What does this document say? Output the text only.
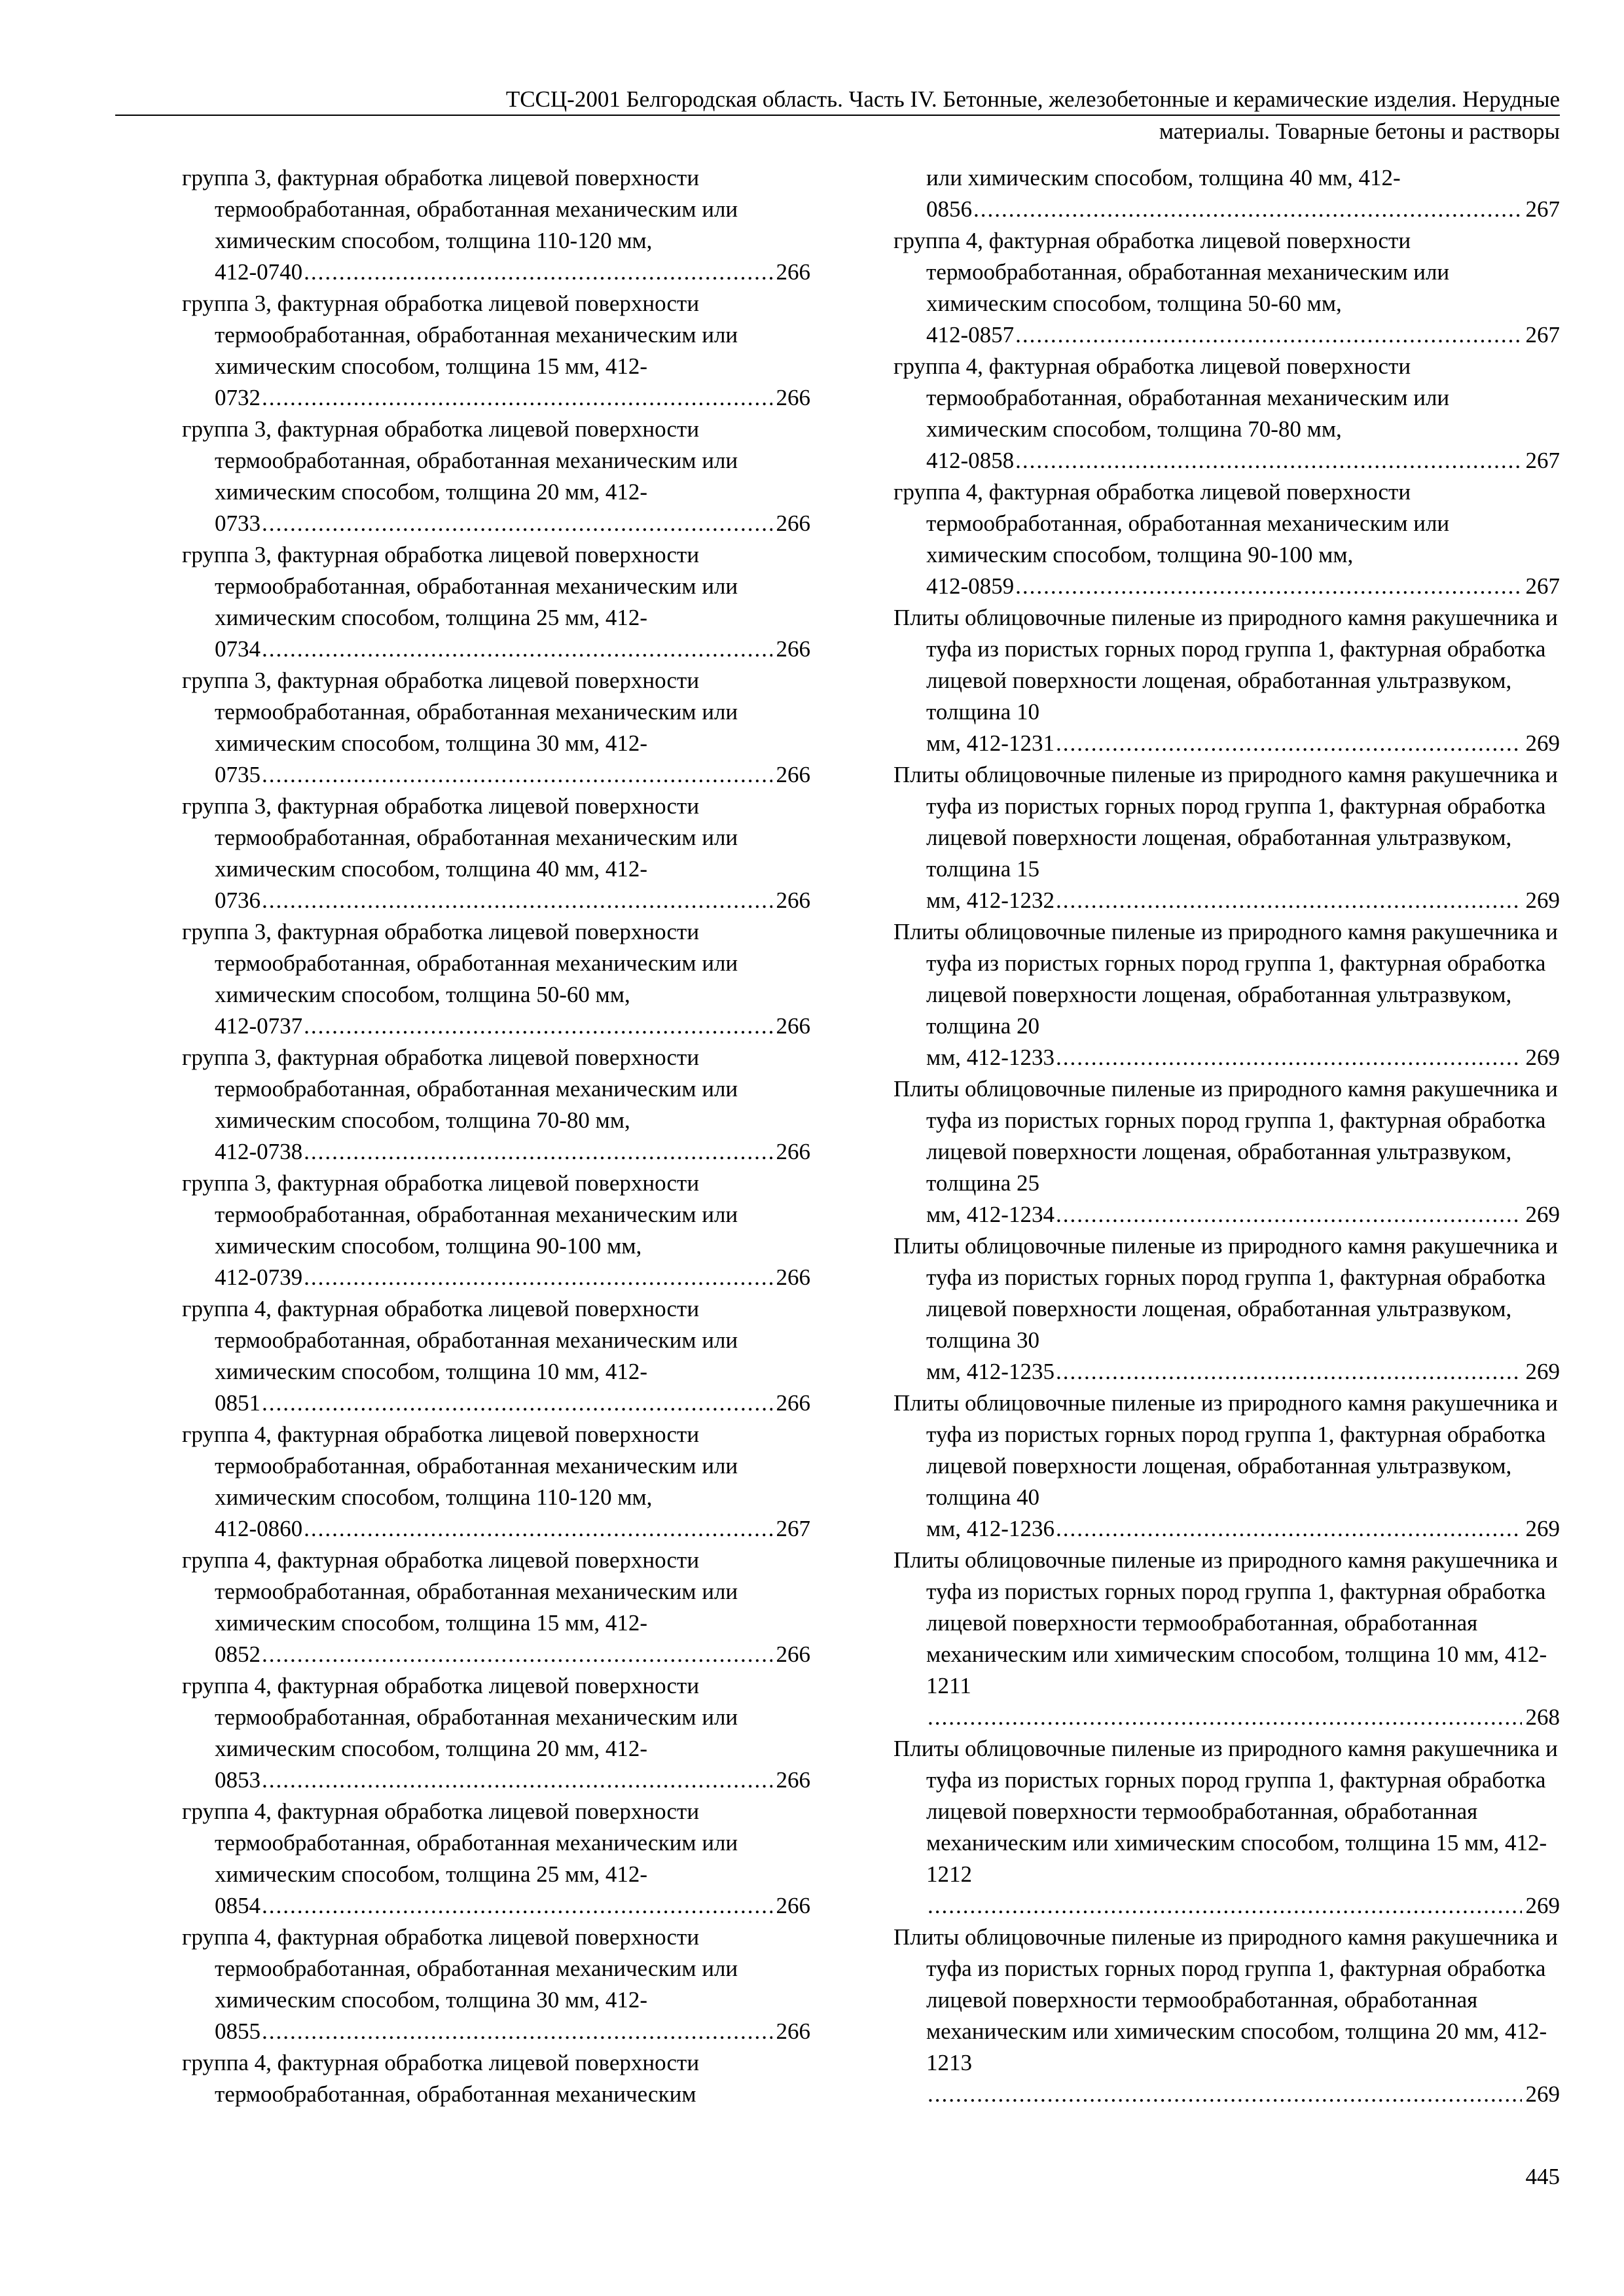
ТССЦ-2001 Белгородская область. Часть IV. Бетонные, железобетонные и керамические изделия. Нерудные
материалы. Товарные бетоны и растворы
группа 3, фактурная обработка лицевой поверхности термообработанная, обработанная механическим или химическим способом, толщина 110-120 мм,
412-0740 .....	266
группа 3, фактурная обработка лицевой поверхности термообработанная, обработанная механическим или химическим способом, толщина 15 мм, 412-
0732 .....	266
группа 3, фактурная обработка лицевой поверхности термообработанная, обработанная механическим или химическим способом, толщина 20 мм, 412-
0733 .....	266
группа 3, фактурная обработка лицевой поверхности термообработанная, обработанная механическим или химическим способом, толщина 25 мм, 412-
0734 .....	266
группа 3, фактурная обработка лицевой поверхности термообработанная, обработанная механическим или химическим способом, толщина 30 мм, 412-
0735 .....	266
группа 3, фактурная обработка лицевой поверхности термообработанная, обработанная механическим или химическим способом, толщина 40 мм, 412-
0736 .....	266
группа 3, фактурная обработка лицевой поверхности термообработанная, обработанная механическим или химическим способом, толщина 50-60 мм,
412-0737 .....	266
группа 3, фактурная обработка лицевой поверхности термообработанная, обработанная механическим или химическим способом, толщина 70-80 мм,
412-0738 .....	266
группа 3, фактурная обработка лицевой поверхности термообработанная, обработанная механическим или химическим способом, толщина 90-100 мм,
412-0739 .....	266
группа 4, фактурная обработка лицевой поверхности термообработанная, обработанная механическим или химическим способом, толщина 10 мм, 412-
0851 .....	266
группа 4, фактурная обработка лицевой поверхности термообработанная, обработанная механическим или химическим способом, толщина 110-120 мм,
412-0860 .....	267
группа 4, фактурная обработка лицевой поверхности термообработанная, обработанная механическим или химическим способом, толщина 15 мм, 412-
0852 .....	266
группа 4, фактурная обработка лицевой поверхности термообработанная, обработанная механическим или химическим способом, толщина 20 мм, 412-
0853 .....	266
группа 4, фактурная обработка лицевой поверхности термообработанная, обработанная механическим или химическим способом, толщина 25 мм, 412-
0854 .....	266
группа 4, фактурная обработка лицевой поверхности термообработанная, обработанная механическим или химическим способом, толщина 30 мм, 412-
0855 .....	266
группа 4, фактурная обработка лицевой поверхности термообработанная, обработанная механическим
или химическим способом, толщина 40 мм, 412-
0856 .....	267
группа 4, фактурная обработка лицевой поверхности термообработанная, обработанная механическим или химическим способом, толщина 50-60 мм,
412-0857 .....	267
группа 4, фактурная обработка лицевой поверхности термообработанная, обработанная механическим или химическим способом, толщина 70-80 мм,
412-0858 .....	267
группа 4, фактурная обработка лицевой поверхности термообработанная, обработанная механическим или химическим способом, толщина 90-100 мм,
412-0859 .....	267
Плиты облицовочные пиленые из природного камня ракушечника и туфа из пористых горных пород группа 1, фактурная обработка лицевой поверхности лощеная, обработанная ультразвуком, толщина 10
мм, 412-1231 .....	269
Плиты облицовочные пиленые из природного камня ракушечника и туфа из пористых горных пород группа 1, фактурная обработка лицевой поверхности лощеная, обработанная ультразвуком, толщина 15
мм, 412-1232 .....	269
Плиты облицовочные пиленые из природного камня ракушечника и туфа из пористых горных пород группа 1, фактурная обработка лицевой поверхности лощеная, обработанная ультразвуком, толщина 20
мм, 412-1233 .....	269
Плиты облицовочные пиленые из природного камня ракушечника и туфа из пористых горных пород группа 1, фактурная обработка лицевой поверхности лощеная, обработанная ультразвуком, толщина 25
мм, 412-1234 .....	269
Плиты облицовочные пиленые из природного камня ракушечника и туфа из пористых горных пород группа 1, фактурная обработка лицевой поверхности лощеная, обработанная ультразвуком, толщина 30
мм, 412-1235 .....	269
Плиты облицовочные пиленые из природного камня ракушечника и туфа из пористых горных пород группа 1, фактурная обработка лицевой поверхности лощеная, обработанная ультразвуком, толщина 40
мм, 412-1236 .....	269
Плиты облицовочные пиленые из природного камня ракушечника и туфа из пористых горных пород группа 1, фактурная обработка лицевой поверхности термообработанная, обработанная механическим или химическим способом, толщина 10 мм, 412-1211
.....
268
Плиты облицовочные пиленые из природного камня ракушечника и туфа из пористых горных пород группа 1, фактурная обработка лицевой поверхности термообработанная, обработанная механическим или химическим способом, толщина 15 мм, 412-1212
.....
269
Плиты облицовочные пиленые из природного камня ракушечника и туфа из пористых горных пород группа 1, фактурная обработка лицевой поверхности термообработанная, обработанная механическим или химическим способом, толщина 20 мм, 412-1213
.....
269
445
